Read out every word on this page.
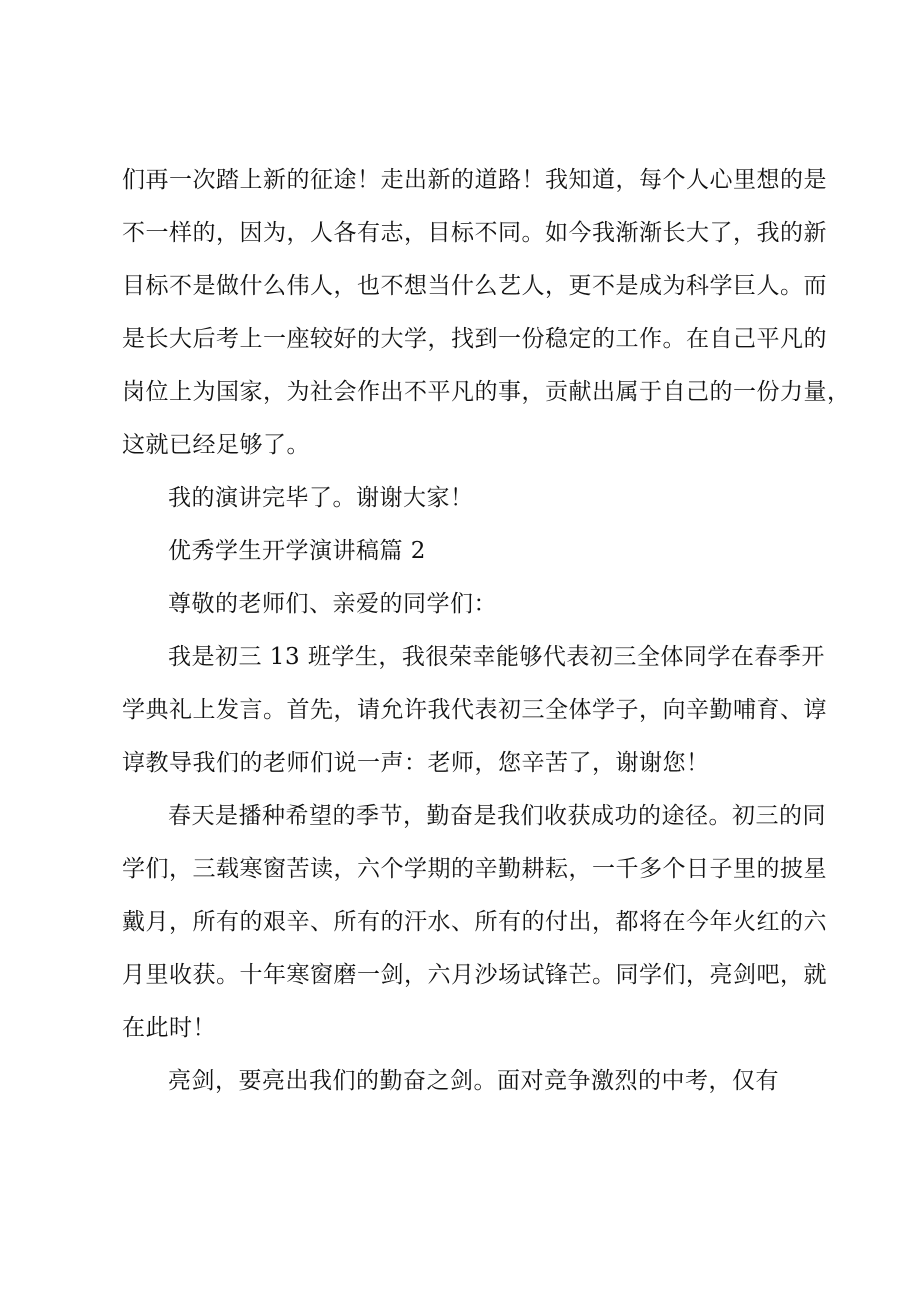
们再一次踏上新的征途！走出新的道路！我知道，每个人心里想的是
不一样的，因为，人各有志，目标不同。如今我渐渐长大了，我的新
目标不是做什么伟人，也不想当什么艺人，更不是成为科学巨人。而
是长大后考上一座较好的大学，找到一份稳定的工作。在自己平凡的
岗位上为国家，为社会作出不平凡的事，贡献出属于自己的一份力量，
这就已经足够了。
我的演讲完毕了。谢谢大家！
优秀学生开学演讲稿篇 2
尊敬的老师们、亲爱的同学们：
我是初三 13 班学生，我很荣幸能够代表初三全体同学在春季开
学典礼上发言。首先，请允许我代表初三全体学子，向辛勤哺育、谆
谆教导我们的老师们说一声：老师，您辛苦了，谢谢您！
春天是播种希望的季节，勤奋是我们收获成功的途径。初三的同
学们，三载寒窗苦读，六个学期的辛勤耕耘，一千多个日子里的披星
戴月，所有的艰辛、所有的汗水、所有的付出，都将在今年火红的六
月里收获。十年寒窗磨一剑，六月沙场试锋芒。同学们，亮剑吧，就
在此时！
亮剑，要亮出我们的勤奋之剑。面对竞争激烈的中考，仅有
